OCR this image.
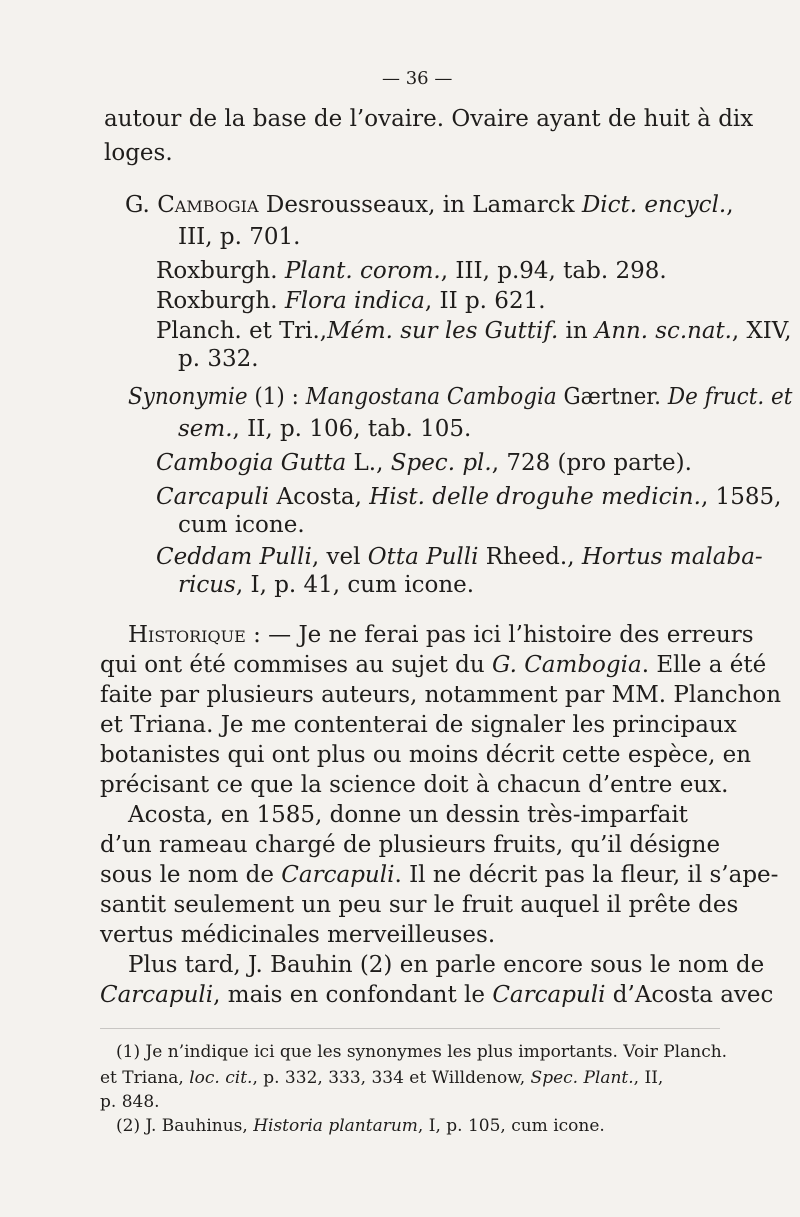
— 36 —
autour de la base de l’ovaire. Ovaire ayant de huit à dix
loges.
G. Cambogia Desrousseaux, in Lamarck Dict. encycl.,
III, p. 701.
Roxburgh. Plant. corom., III, p.94, tab. 298.
Roxburgh. Flora indica, II p. 621.
Planch. et Tri.,Mém. sur les Guttif. in Ann. sc.nat., XIV,
p. 332.
Synonymie (1) : Mangostana Cambogia Gærtner. De fruct. et
sem., II, p. 106, tab. 105.
Cambogia Gutta L., Spec. pl., 728 (pro parte).
Carcapuli Acosta, Hist. delle droguhe medicin., 1585,
cum icone.
Ceddam Pulli, vel Otta Pulli Rheed., Hortus malaba-
ricus, I, p. 41, cum icone.
Historique : — Je ne ferai pas ici l’histoire des erreurs
qui ont été commises au sujet du G. Cambogia. Elle a été
faite par plusieurs auteurs, notamment par MM. Planchon
et Triana. Je me contenterai de signaler les principaux
botanistes qui ont plus ou moins décrit cette espèce, en
précisant ce que la science doit à chacun d’entre eux.
Acosta, en 1585, donne un dessin très-imparfait
d’un rameau chargé de plusieurs fruits, qu’il désigne
sous le nom de Carcapuli. Il ne décrit pas la fleur, il s’ape-
santit seulement un peu sur le fruit auquel il prête des
vertus médicinales merveilleuses.
Plus tard, J. Bauhin (2) en parle encore sous le nom de
Carcapuli, mais en confondant le Carcapuli d’Acosta avec
(1) Je n’indique ici que les synonymes les plus importants. Voir Planch.
et Triana, loc. cit., p. 332, 333, 334 et Willdenow, Spec. Plant., II,
p. 848.
(2) J. Bauhinus, Historia plantarum, I, p. 105, cum icone.
